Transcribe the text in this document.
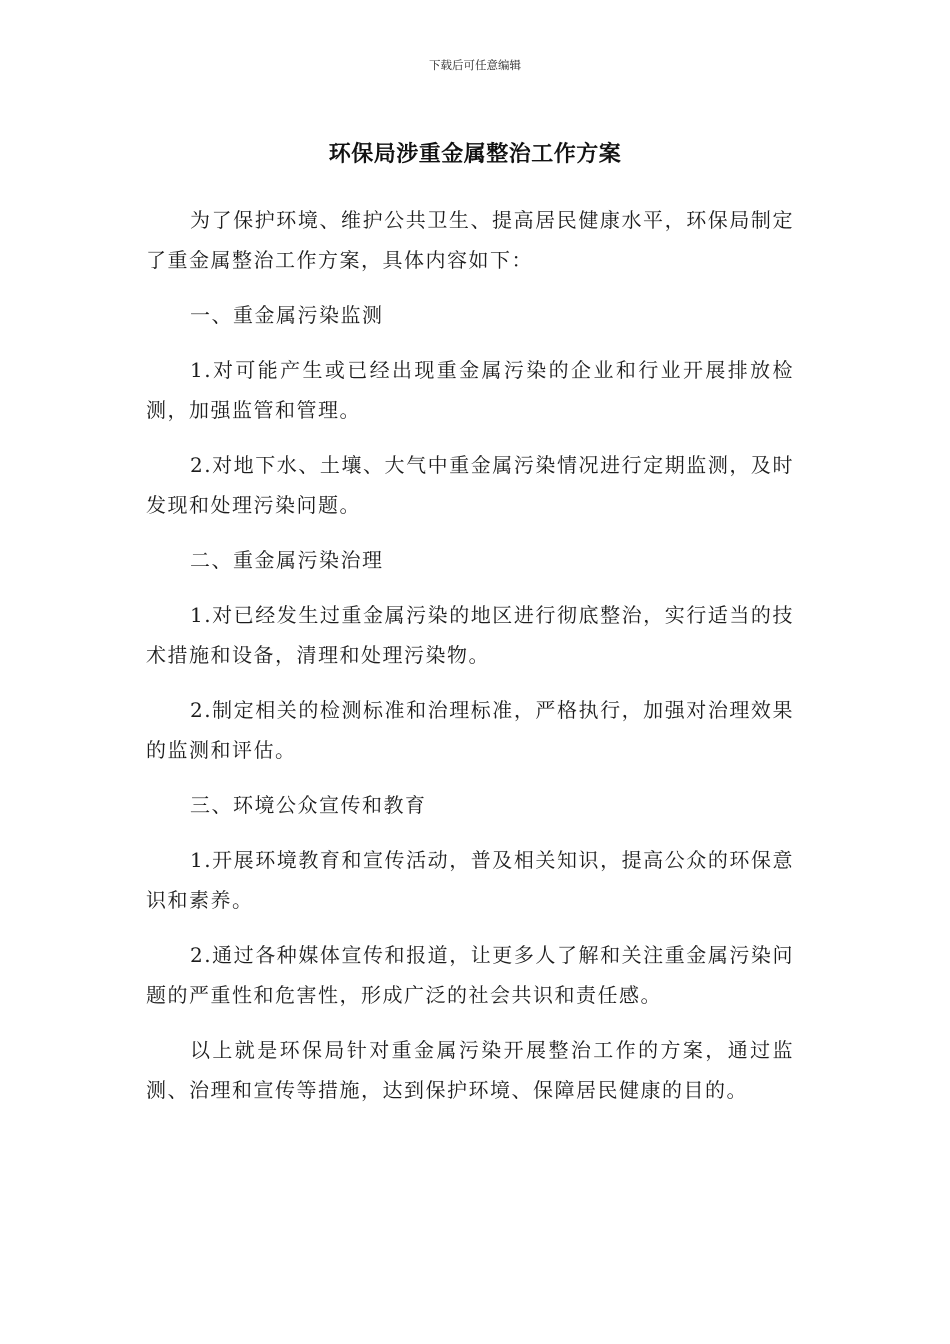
下载后可任意编辑
环保局涉重金属整治工作方案

为了保护环境、维护公共卫生、提高居民健康水平，环保局制定了重金属整治工作方案，具体内容如下：

一、重金属污染监测

1.对可能产生或已经出现重金属污染的企业和行业开展排放检测，加强监管和管理。

2.对地下水、土壤、大气中重金属污染情况进行定期监测，及时发现和处理污染问题。

二、重金属污染治理

1.对已经发生过重金属污染的地区进行彻底整治，实行适当的技术措施和设备，清理和处理污染物。

2.制定相关的检测标准和治理标准，严格执行，加强对治理效果的监测和评估。

三、环境公众宣传和教育

1.开展环境教育和宣传活动，普及相关知识，提高公众的环保意识和素养。

2.通过各种媒体宣传和报道，让更多人了解和关注重金属污染问题的严重性和危害性，形成广泛的社会共识和责任感。

以上就是环保局针对重金属污染开展整治工作的方案，通过监测、治理和宣传等措施，达到保护环境、保障居民健康的目的。
